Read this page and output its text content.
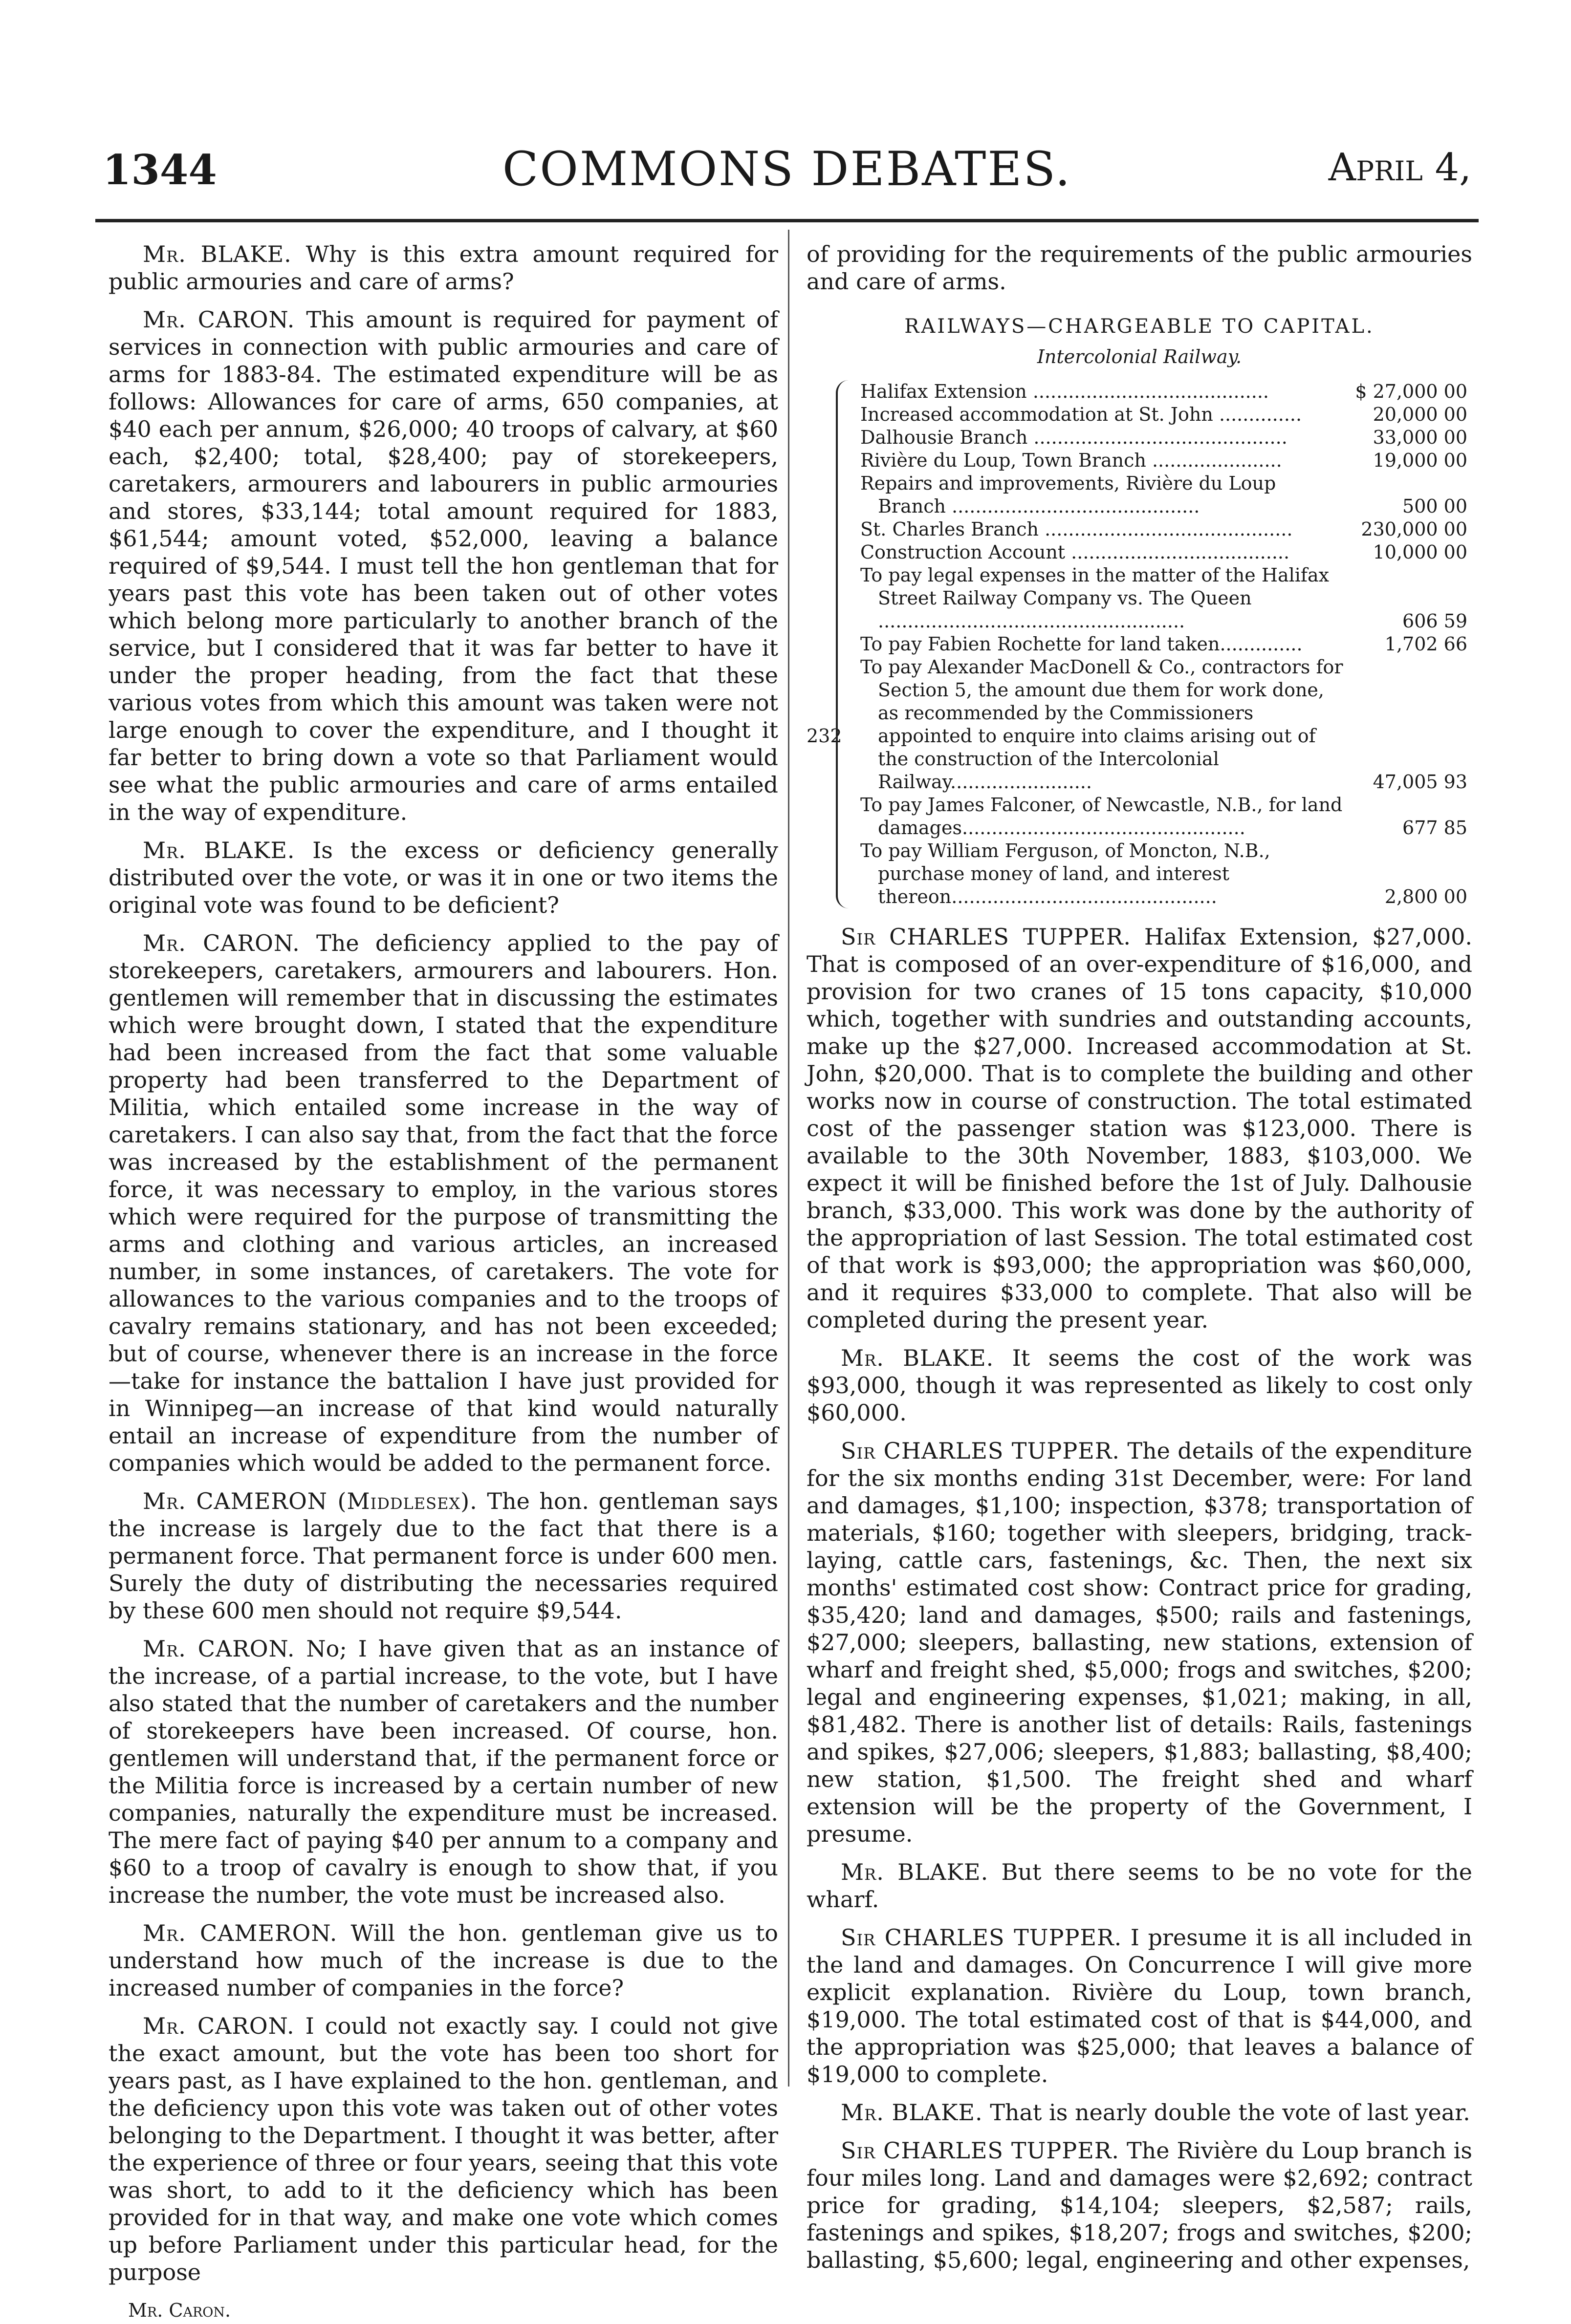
1344	COMMONS DEBATES.	April 4,

Mr. BLAKE. Why is this extra amount required for public armouries and care of arms?

Mr. CARON. This amount is required for payment of services in connection with public armouries and care of arms for 1883-84. The estimated expenditure will be as follows: Allowances for care of arms, 650 companies, at $40 each per annum, $26,000; 40 troops of calvary, at $60 each, $2,400; total, $28,400; pay of storekeepers, caretakers, armourers and labourers in public armouries and stores, $33,144; total amount required for 1883, $61,544; amount voted, $52,000, leaving a balance required of $9,544. I must tell the hon gentleman that for years past this vote has been taken out of other votes which belong more particularly to another branch of the service, but I considered that it was far better to have it under the proper heading, from the fact that these various votes from which this amount was taken were not large enough to cover the expenditure, and I thought it far better to bring down a vote so that Parliament would see what the public armouries and care of arms entailed in the way of expenditure.

Mr. BLAKE. Is the excess or deficiency generally distributed over the vote, or was it in one or two items the original vote was found to be deficient?

Mr. CARON. The deficiency applied to the pay of storekeepers, caretakers, armourers and labourers. Hon. gentlemen will remember that in discussing the estimates which were brought down, I stated that the expenditure had been increased from the fact that some valuable property had been transferred to the Department of Militia, which entailed some increase in the way of caretakers. I can also say that, from the fact that the force was increased by the establishment of the permanent force, it was necessary to employ, in the various stores which were required for the purpose of transmitting the arms and clothing and various articles, an increased number, in some instances, of caretakers. The vote for allowances to the various companies and to the troops of cavalry remains stationary, and has not been exceeded; but of course, whenever there is an increase in the force—take for instance the battalion I have just provided for in Winnipeg—an increase of that kind would naturally entail an increase of expenditure from the number of companies which would be added to the permanent force.

Mr. CAMERON (Middlesex). The hon. gentleman says the increase is largely due to the fact that there is a permanent force. That permanent force is under 600 men. Surely the duty of distributing the necessaries required by these 600 men should not require $9,544.

Mr. CARON. No; I have given that as an instance of the increase, of a partial increase, to the vote, but I have also stated that the number of caretakers and the number of storekeepers have been increased. Of course, hon. gentlemen will understand that, if the permanent force or the Militia force is increased by a certain number of new companies, naturally the expenditure must be increased. The mere fact of paying $40 per annum to a company and $60 to a troop of cavalry is enough to show that, if you increase the number, the vote must be increased also.

Mr. CAMERON. Will the hon. gentleman give us to understand how much of the increase is due to the increased number of companies in the force?

Mr. CARON. I could not exactly say. I could not give the exact amount, but the vote has been too short for years past, as I have explained to the hon. gentleman, and the deficiency upon this vote was taken out of other votes belonging to the Department. I thought it was better, after the experience of three or four years, seeing that this vote was short, to add to it the deficiency which has been provided for in that way, and make one vote which comes up before Parliament under this particular head, for the purpose

Mr. Caron.

of providing for the requirements of the public armouries and care of arms.

RAILWAYS—CHARGEABLE TO CAPITAL.
Intercolonial Railway.
232
Halifax Extension ........................................	$ 27,000 00
Increased accommodation at St. John ..............	20,000 00
Dalhousie Branch ...........................................	33,000 00
Rivière du Loup, Town Branch ......................	19,000 00
Repairs and improvements, Rivière du Loup Branch ..........................................	500 00
St. Charles Branch ..........................................	230,000 00
Construction Account .....................................	10,000 00
To pay legal expenses in the matter of the Halifax Street Railway Company vs. The Queen ....................................................	606 59
To pay Fabien Rochette for land taken..............	1,702 66
To pay Alexander MacDonell & Co., contractors for Section 5, the amount due them for work done, as recommended by the Commissioners appointed to enquire into claims arising out of the construction of the Intercolonial Railway........................	47,005 93
To pay James Falconer, of Newcastle, N.B., for land damages................................................	677 85
To pay William Ferguson, of Moncton, N.B., purchase money of land, and interest thereon.............................................	2,800 00

Sir CHARLES TUPPER. Halifax Extension, $27,000. That is composed of an over-expenditure of $16,000, and provision for two cranes of 15 tons capacity, $10,000 which, together with sundries and outstanding accounts, make up the $27,000. Increased accommodation at St. John, $20,000. That is to complete the building and other works now in course of construction. The total estimated cost of the passenger station was $123,000. There is available to the 30th November, 1883, $103,000. We expect it will be finished before the 1st of July. Dalhousie branch, $33,000. This work was done by the authority of the appropriation of last Session. The total estimated cost of that work is $93,000; the appropriation was $60,000, and it requires $33,000 to complete. That also will be completed during the present year.

Mr. BLAKE. It seems the cost of the work was $93,000, though it was represented as likely to cost only $60,000.

Sir CHARLES TUPPER. The details of the expenditure for the six months ending 31st December, were: For land and damages, $1,100; inspection, $378; transportation of materials, $160; together with sleepers, bridging, track-laying, cattle cars, fastenings, &c. Then, the next six months' estimated cost show: Contract price for grading, $35,420; land and damages, $500; rails and fastenings, $27,000; sleepers, ballasting, new stations, extension of wharf and freight shed, $5,000; frogs and switches, $200; legal and engineering expenses, $1,021; making, in all, $81,482. There is another list of details: Rails, fastenings and spikes, $27,006; sleepers, $1,883; ballasting, $8,400; new station, $1,500. The freight shed and wharf extension will be the property of the Government, I presume.

Mr. BLAKE. But there seems to be no vote for the wharf.

Sir CHARLES TUPPER. I presume it is all included in the land and damages. On Concurrence I will give more explicit explanation. Rivière du Loup, town branch, $19,000. The total estimated cost of that is $44,000, and the appropriation was $25,000; that leaves a balance of $19,000 to complete.

Mr. BLAKE. That is nearly double the vote of last year.

Sir CHARLES TUPPER. The Rivière du Loup branch is four miles long. Land and damages were $2,692; contract price for grading, $14,104; sleepers, $2,587; rails, fastenings and spikes, $18,207; frogs and switches, $200; ballasting, $5,600; legal, engineering and other expenses,
